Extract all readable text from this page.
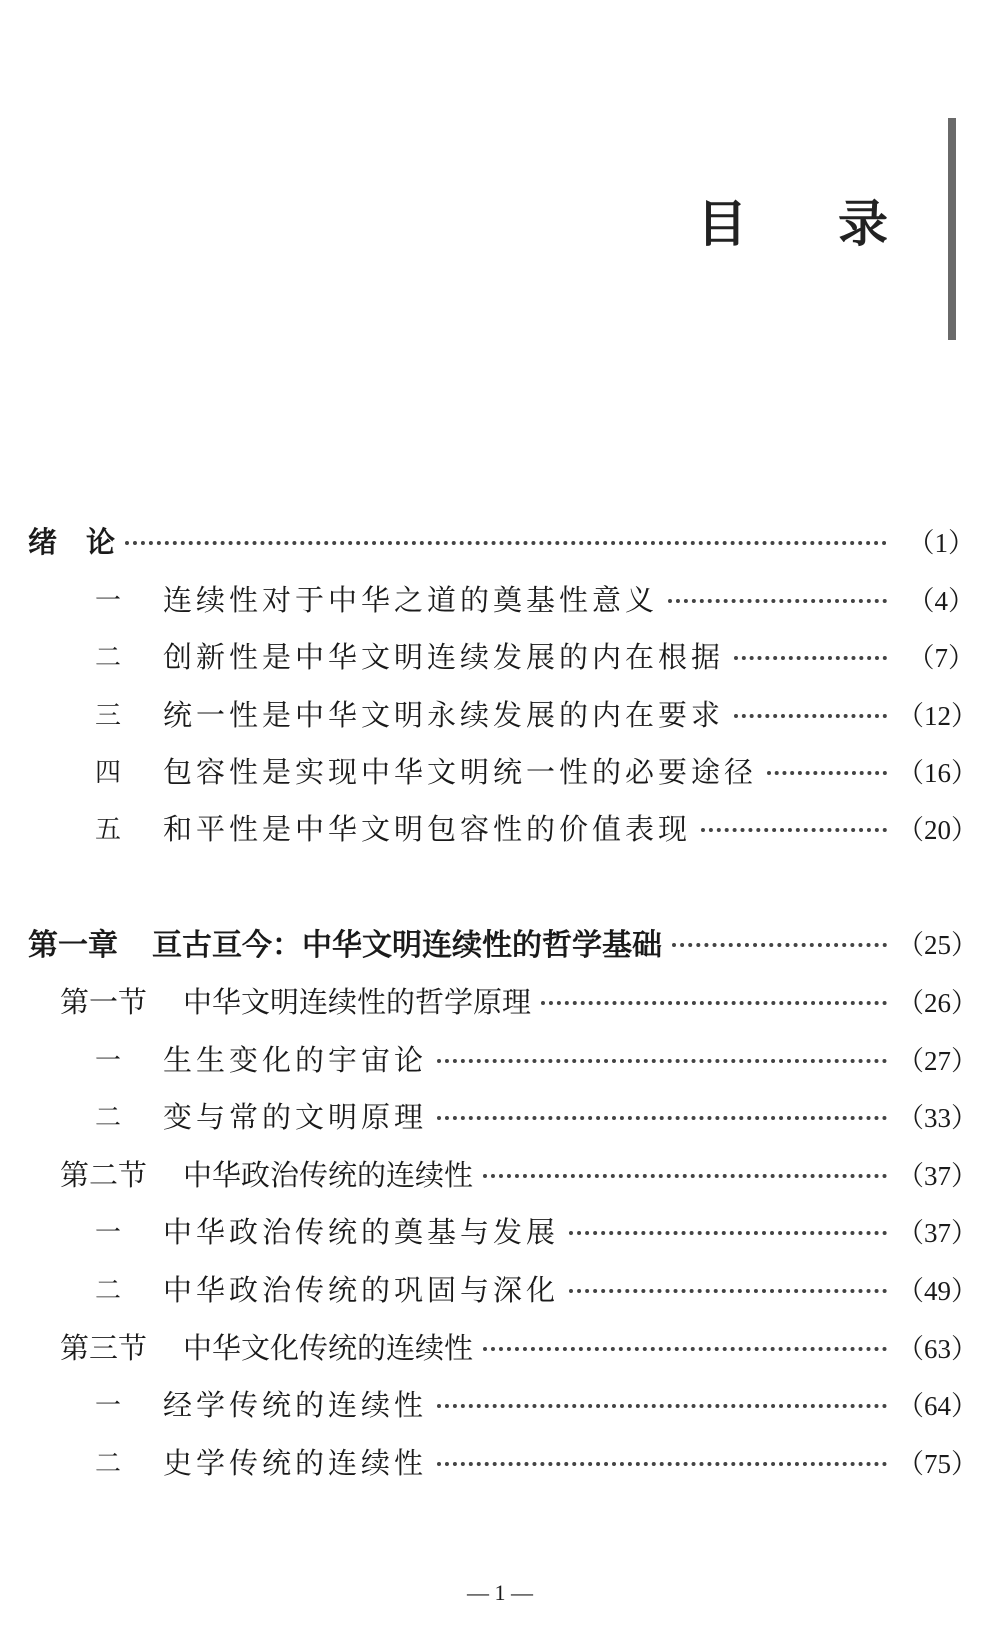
目 录
绪　论	（1）
一	连续性对于中华之道的奠基性意义	（4）
二	创新性是中华文明连续发展的内在根据	（7）
三	统一性是中华文明永续发展的内在要求	（12）
四	包容性是实现中华文明统一性的必要途径	（16）
五	和平性是中华文明包容性的价值表现	（20）
第一章 亘古亘今：中华文明连续性的哲学基础	（25）
第一节 中华文明连续性的哲学原理	（26）
一	生生变化的宇宙论	（27）
二	变与常的文明原理	（33）
第二节 中华政治传统的连续性	（37）
一	中华政治传统的奠基与发展	（37）
二	中华政治传统的巩固与深化	（49）
第三节 中华文化传统的连续性	（63）
一	经学传统的连续性	（64）
二	史学传统的连续性	（75）
— 1 —
